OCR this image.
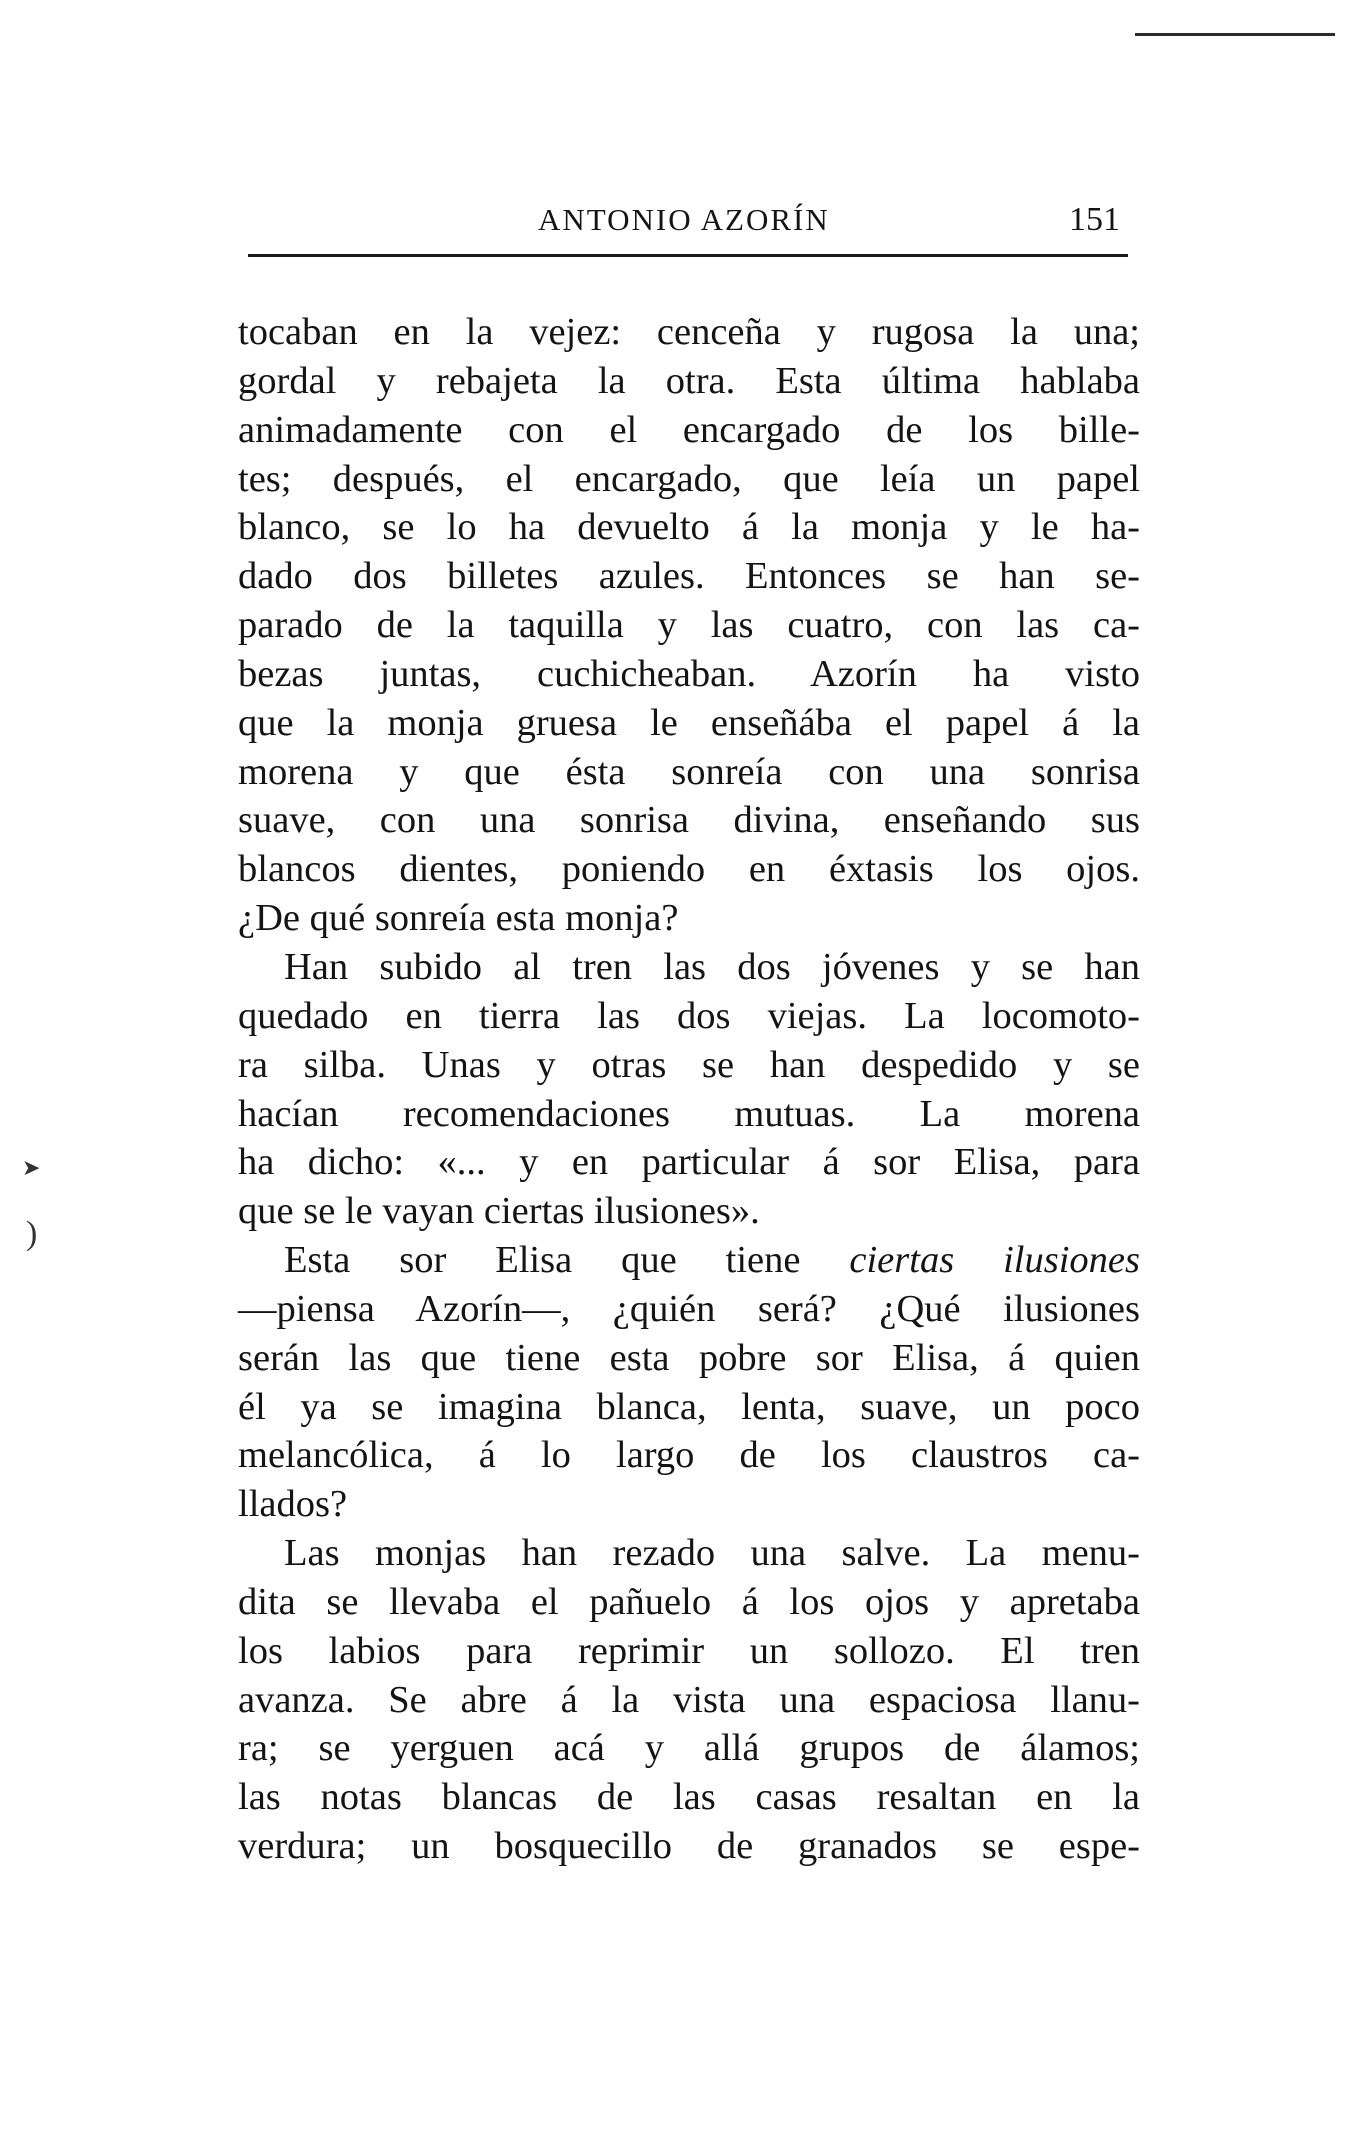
ANTONIO AZORÍN	151
tocaban en la vejez: cenceña y rugosa la una;
gordal y rebajeta la otra. Esta última hablaba
animadamente con el encargado de los bille-
tes; después, el encargado, que leía un papel
blanco, se lo ha devuelto á la monja y le ha-
dado dos billetes azules. Entonces se han se-
parado de la taquilla y las cuatro, con las ca-
bezas juntas, cuchicheaban. Azorín ha visto
que la monja gruesa le enseñába el papel á la
morena y que ésta sonreía con una sonrisa
suave, con una sonrisa divina, enseñando sus
blancos dientes, poniendo en éxtasis los ojos.
¿De qué sonreía esta monja?
Han subido al tren las dos jóvenes y se han
quedado en tierra las dos viejas. La locomoto-
ra silba. Unas y otras se han despedido y se
hacían recomendaciones mutuas. La morena
ha dicho: «... y en particular á sor Elisa, para
que se le vayan ciertas ilusiones».
Esta sor Elisa que tiene ciertas ilusiones
—piensa Azorín—, ¿quién será? ¿Qué ilusiones
serán las que tiene esta pobre sor Elisa, á quien
él ya se imagina blanca, lenta, suave, un poco
melancólica, á lo largo de los claustros ca-
llados?
Las monjas han rezado una salve. La menu-
dita se llevaba el pañuelo á los ojos y apretaba
los labios para reprimir un sollozo. El tren
avanza. Se abre á la vista una espaciosa llanu-
ra; se yerguen acá y allá grupos de álamos;
las notas blancas de las casas resaltan en la
verdura; un bosquecillo de granados se espe-
➤
)
